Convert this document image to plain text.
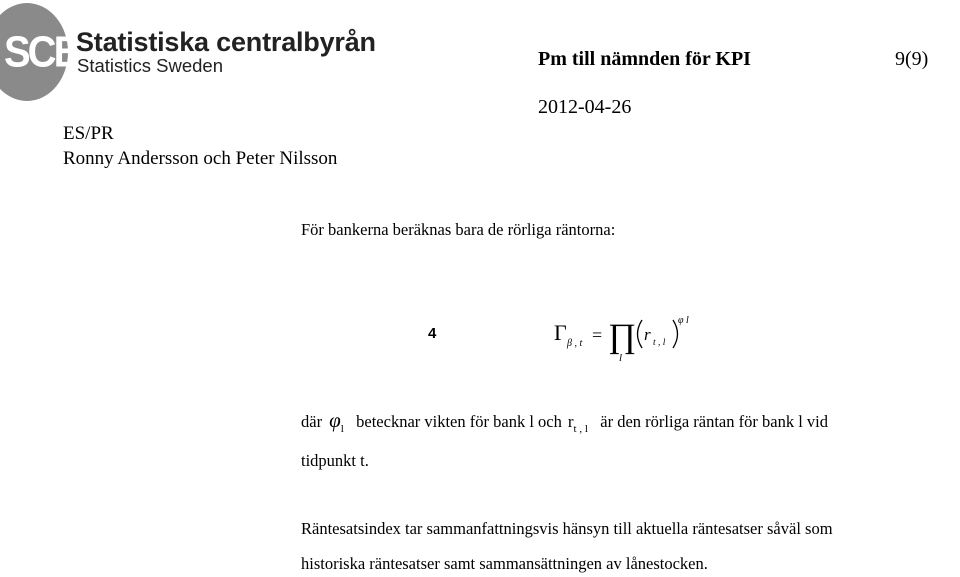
SCB
Statistiska centralbyrån
Statistics Sweden	Pm till nämnden för KPI	9(9)
2012-04-26
ES/PR
Ronny Andersson och Peter Nilsson
För bankerna beräknas bara de rörliga räntorna:
4	Γ β , t = ∏
l
r t , l
φ l
där $\varphi_l$ betecknar vikten för bank l och $r_{t , l}$ är den rörliga räntan för bank l vid
tidpunkt t.
Räntesatsindex tar sammanfattningsvis hänsyn till aktuella räntesatser såväl som
historiska räntesatser samt sammansättningen av lånestocken.
